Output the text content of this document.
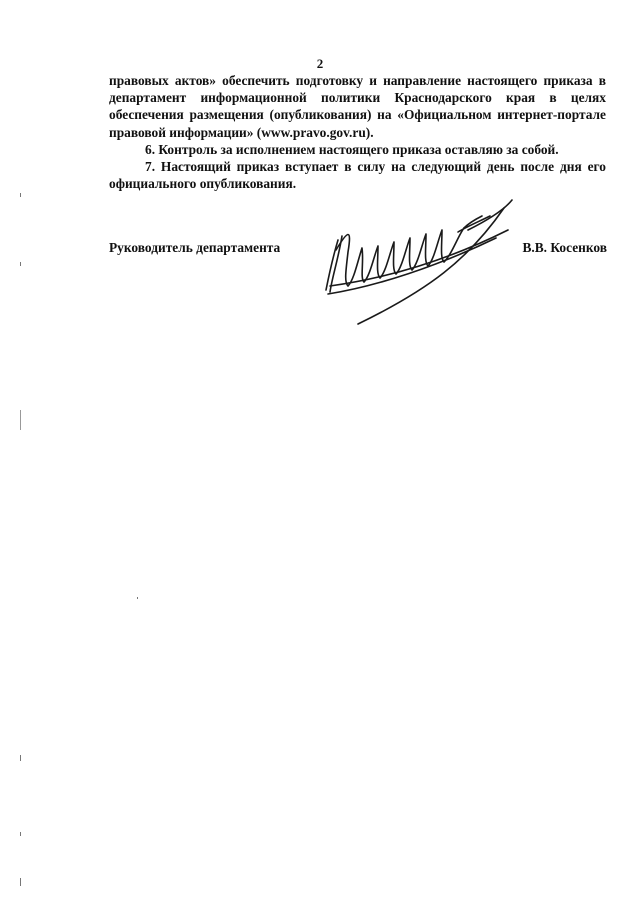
2

правовых актов» обеспечить подготовку и направление настоящего приказа в департамент информационной политики Краснодарского края в целях обеспечения размещения (опубликования) на «Официальном интернет-портале правовой информации» (www.pravo.gov.ru).

6. Контроль за исполнением настоящего приказа оставляю за собой.

7. Настоящий приказ вступает в силу на следующий день после дня его официального опубликования.

Руководитель департамента	В.В. Косенков
